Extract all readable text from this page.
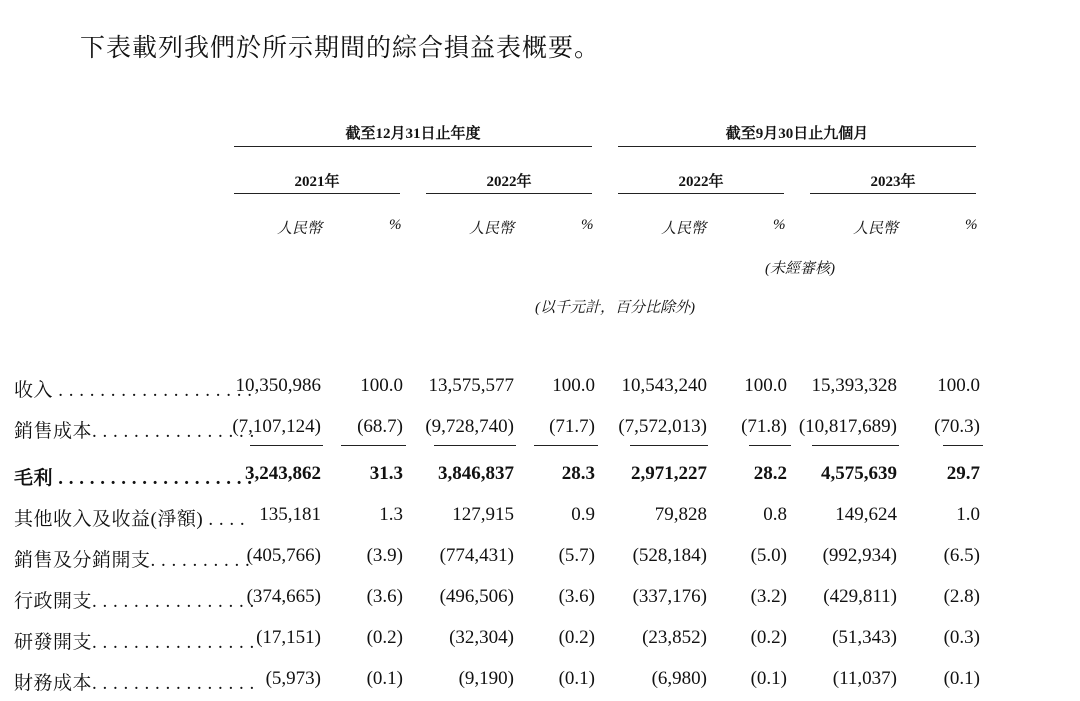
下表載列我們於所示期間的綜合損益表概要。
截至12月31日止年度	截至9月30日止九個月
2021年	2022年	2022年	2023年
人民幣	%	人民幣	%	人民幣	%	人民幣	%
(未經審核)
(以千元計，百分比除外)
收入 . . . . . . . . . . . . . . . . . . .
10,350,986 100.0 13,575,577 100.0 10,543,240 100.0 15,393,328 100.0
銷售成本. . . . . . . . . . . . . . . .
(7,107,124) (68.7) (9,728,740) (71.7) (7,572,013) (71.8) (10,817,689) (70.3)
毛利 . . . . . . . . . . . . . . . . . . .
3,243,862	31.3 3,846,837	28.3 2,971,227 28.2 4,575,639	29.7
其他收入及收益(淨額) . . . . 135,181	1.3	127,915	0.9	79,828	0.8	149,624	1.0
銷售及分銷開支. . . . . . . . . .
(405,766) (3.9) (774,431) (5.7) (528,184) (5.0) (992,934) (6.5)
行政開支. . . . . . . . . . . . . . . .
(374,665) (3.6) (496,506) (3.6) (337,176) (3.2) (429,811) (2.8)
研發開支. . . . . . . . . . . . . . . . (17,151) (0.2) (32,304) (0.2) (23,852) (0.2) (51,343) (0.3)
財務成本. . . . . . . . . . . . . . . . (5,973) (0.1)	(9,190) (0.1)	(6,980) (0.1) (11,037) (0.1)
